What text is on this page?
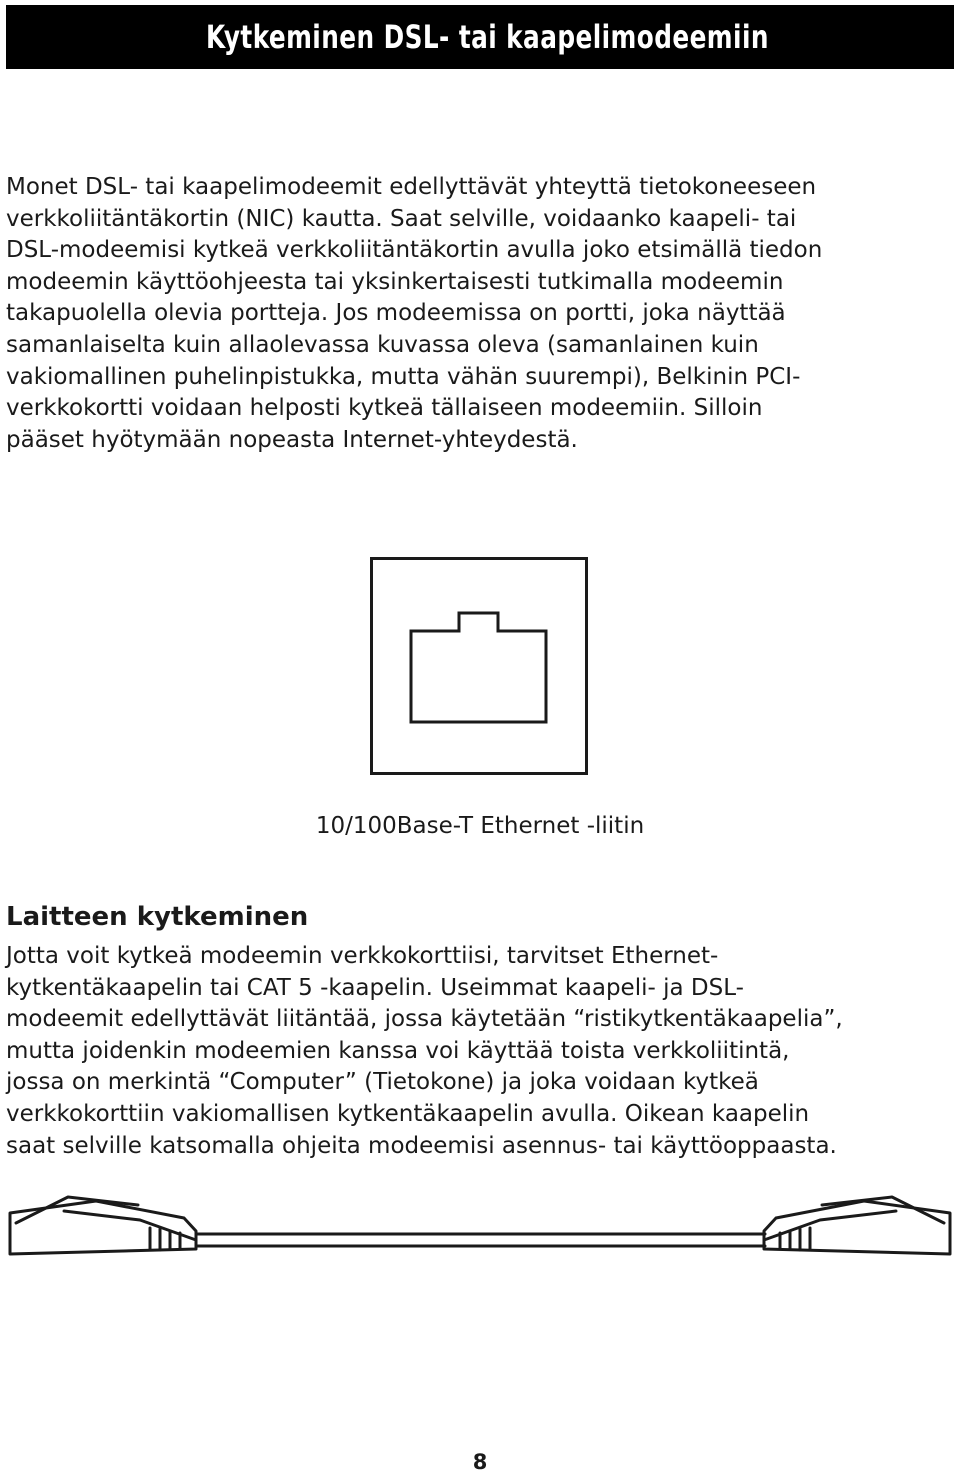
Kytkeminen DSL- tai kaapelimodeemiin
Monet DSL- tai kaapelimodeemit edellyttävät yhteyttä tietokoneeseen
verkkoliitäntäkortin (NIC) kautta. Saat selville, voidaanko kaapeli- tai
DSL-modeemisi kytkeä verkkoliitäntäkortin avulla joko etsimällä tiedon
modeemin käyttöohjeesta tai yksinkertaisesti tutkimalla modeemin
takapuolella olevia portteja. Jos modeemissa on portti, joka näyttää
samanlaiselta kuin allaolevassa kuvassa oleva (samanlainen kuin
vakiomallinen puhelinpistukka, mutta vähän suurempi), Belkinin PCI-
verkkokortti voidaan helposti kytkeä tällaiseen modeemiin. Silloin
pääset hyötymään nopeasta Internet-yhteydestä.
10/100Base-T Ethernet -liitin
Laitteen kytkeminen
Jotta voit kytkeä modeemin verkkokorttiisi, tarvitset Ethernet-
kytkentäkaapelin tai CAT 5 -kaapelin. Useimmat kaapeli- ja DSL-
modeemit edellyttävät liitäntää, jossa käytetään “ristikytkentäkaapelia”,
mutta joidenkin modeemien kanssa voi käyttää toista verkkoliitintä,
jossa on merkintä “Computer” (Tietokone) ja joka voidaan kytkeä
verkkokorttiin vakiomallisen kytkentäkaapelin avulla. Oikean kaapelin
saat selville katsomalla ohjeita modeemisi asennus- tai käyttöoppaasta.
8
